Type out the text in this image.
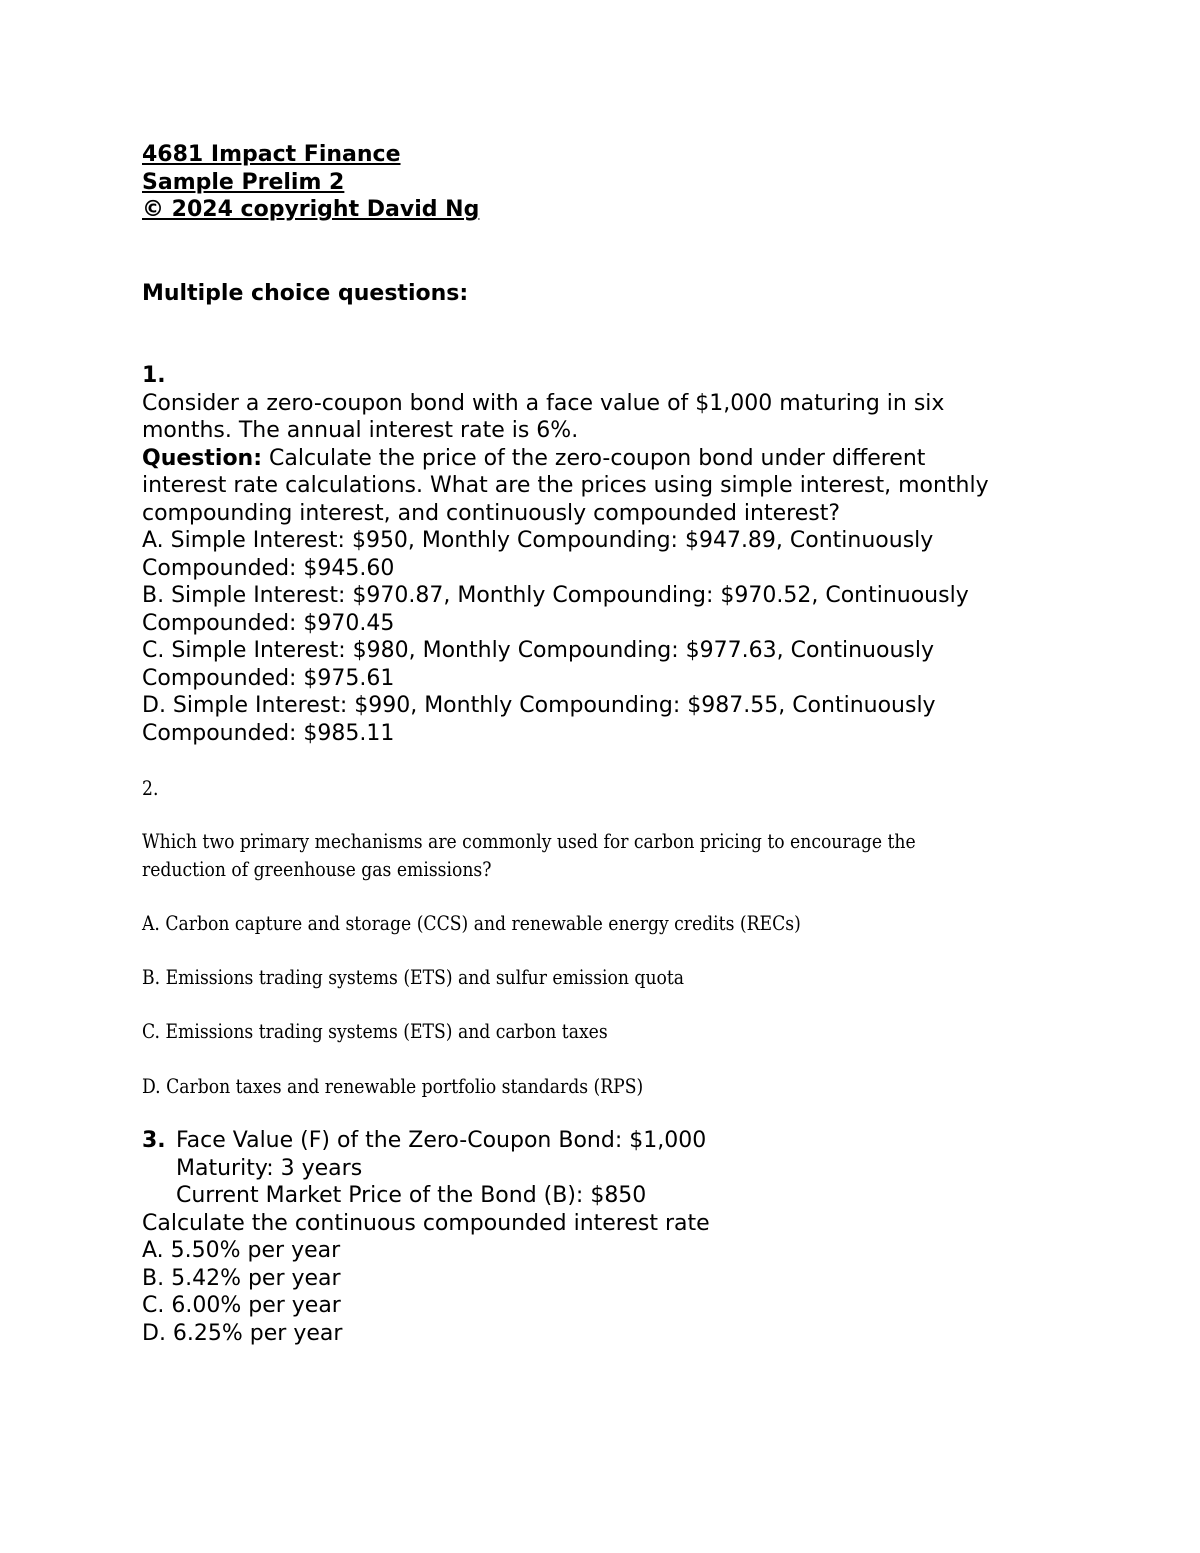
4681 Impact Finance
Sample Prelim 2
© 2024 copyright David Ng
Multiple choice questions:
1.
Consider a zero-coupon bond with a face value of $1,000 maturing in six
months. The annual interest rate is 6%.
Question: Calculate the price of the zero-coupon bond under different
interest rate calculations. What are the prices using simple interest, monthly
compounding interest, and continuously compounded interest?
A. Simple Interest: $950, Monthly Compounding: $947.89, Continuously
Compounded: $945.60
B. Simple Interest: $970.87, Monthly Compounding: $970.52, Continuously
Compounded: $970.45
C. Simple Interest: $980, Monthly Compounding: $977.63, Continuously
Compounded: $975.61
D. Simple Interest: $990, Monthly Compounding: $987.55, Continuously
Compounded: $985.11
2.
Which two primary mechanisms are commonly used for carbon pricing to encourage the
reduction of greenhouse gas emissions?
A. Carbon capture and storage (CCS) and renewable energy credits (RECs)
B. Emissions trading systems (ETS) and sulfur emission quota
C. Emissions trading systems (ETS) and carbon taxes
D. Carbon taxes and renewable portfolio standards (RPS)
3. Face Value (F) of the Zero-Coupon Bond: $1,000
Maturity: 3 years
Current Market Price of the Bond (B): $850
Calculate the continuous compounded interest rate
A. 5.50% per year
B. 5.42% per year
C. 6.00% per year
D. 6.25% per year
